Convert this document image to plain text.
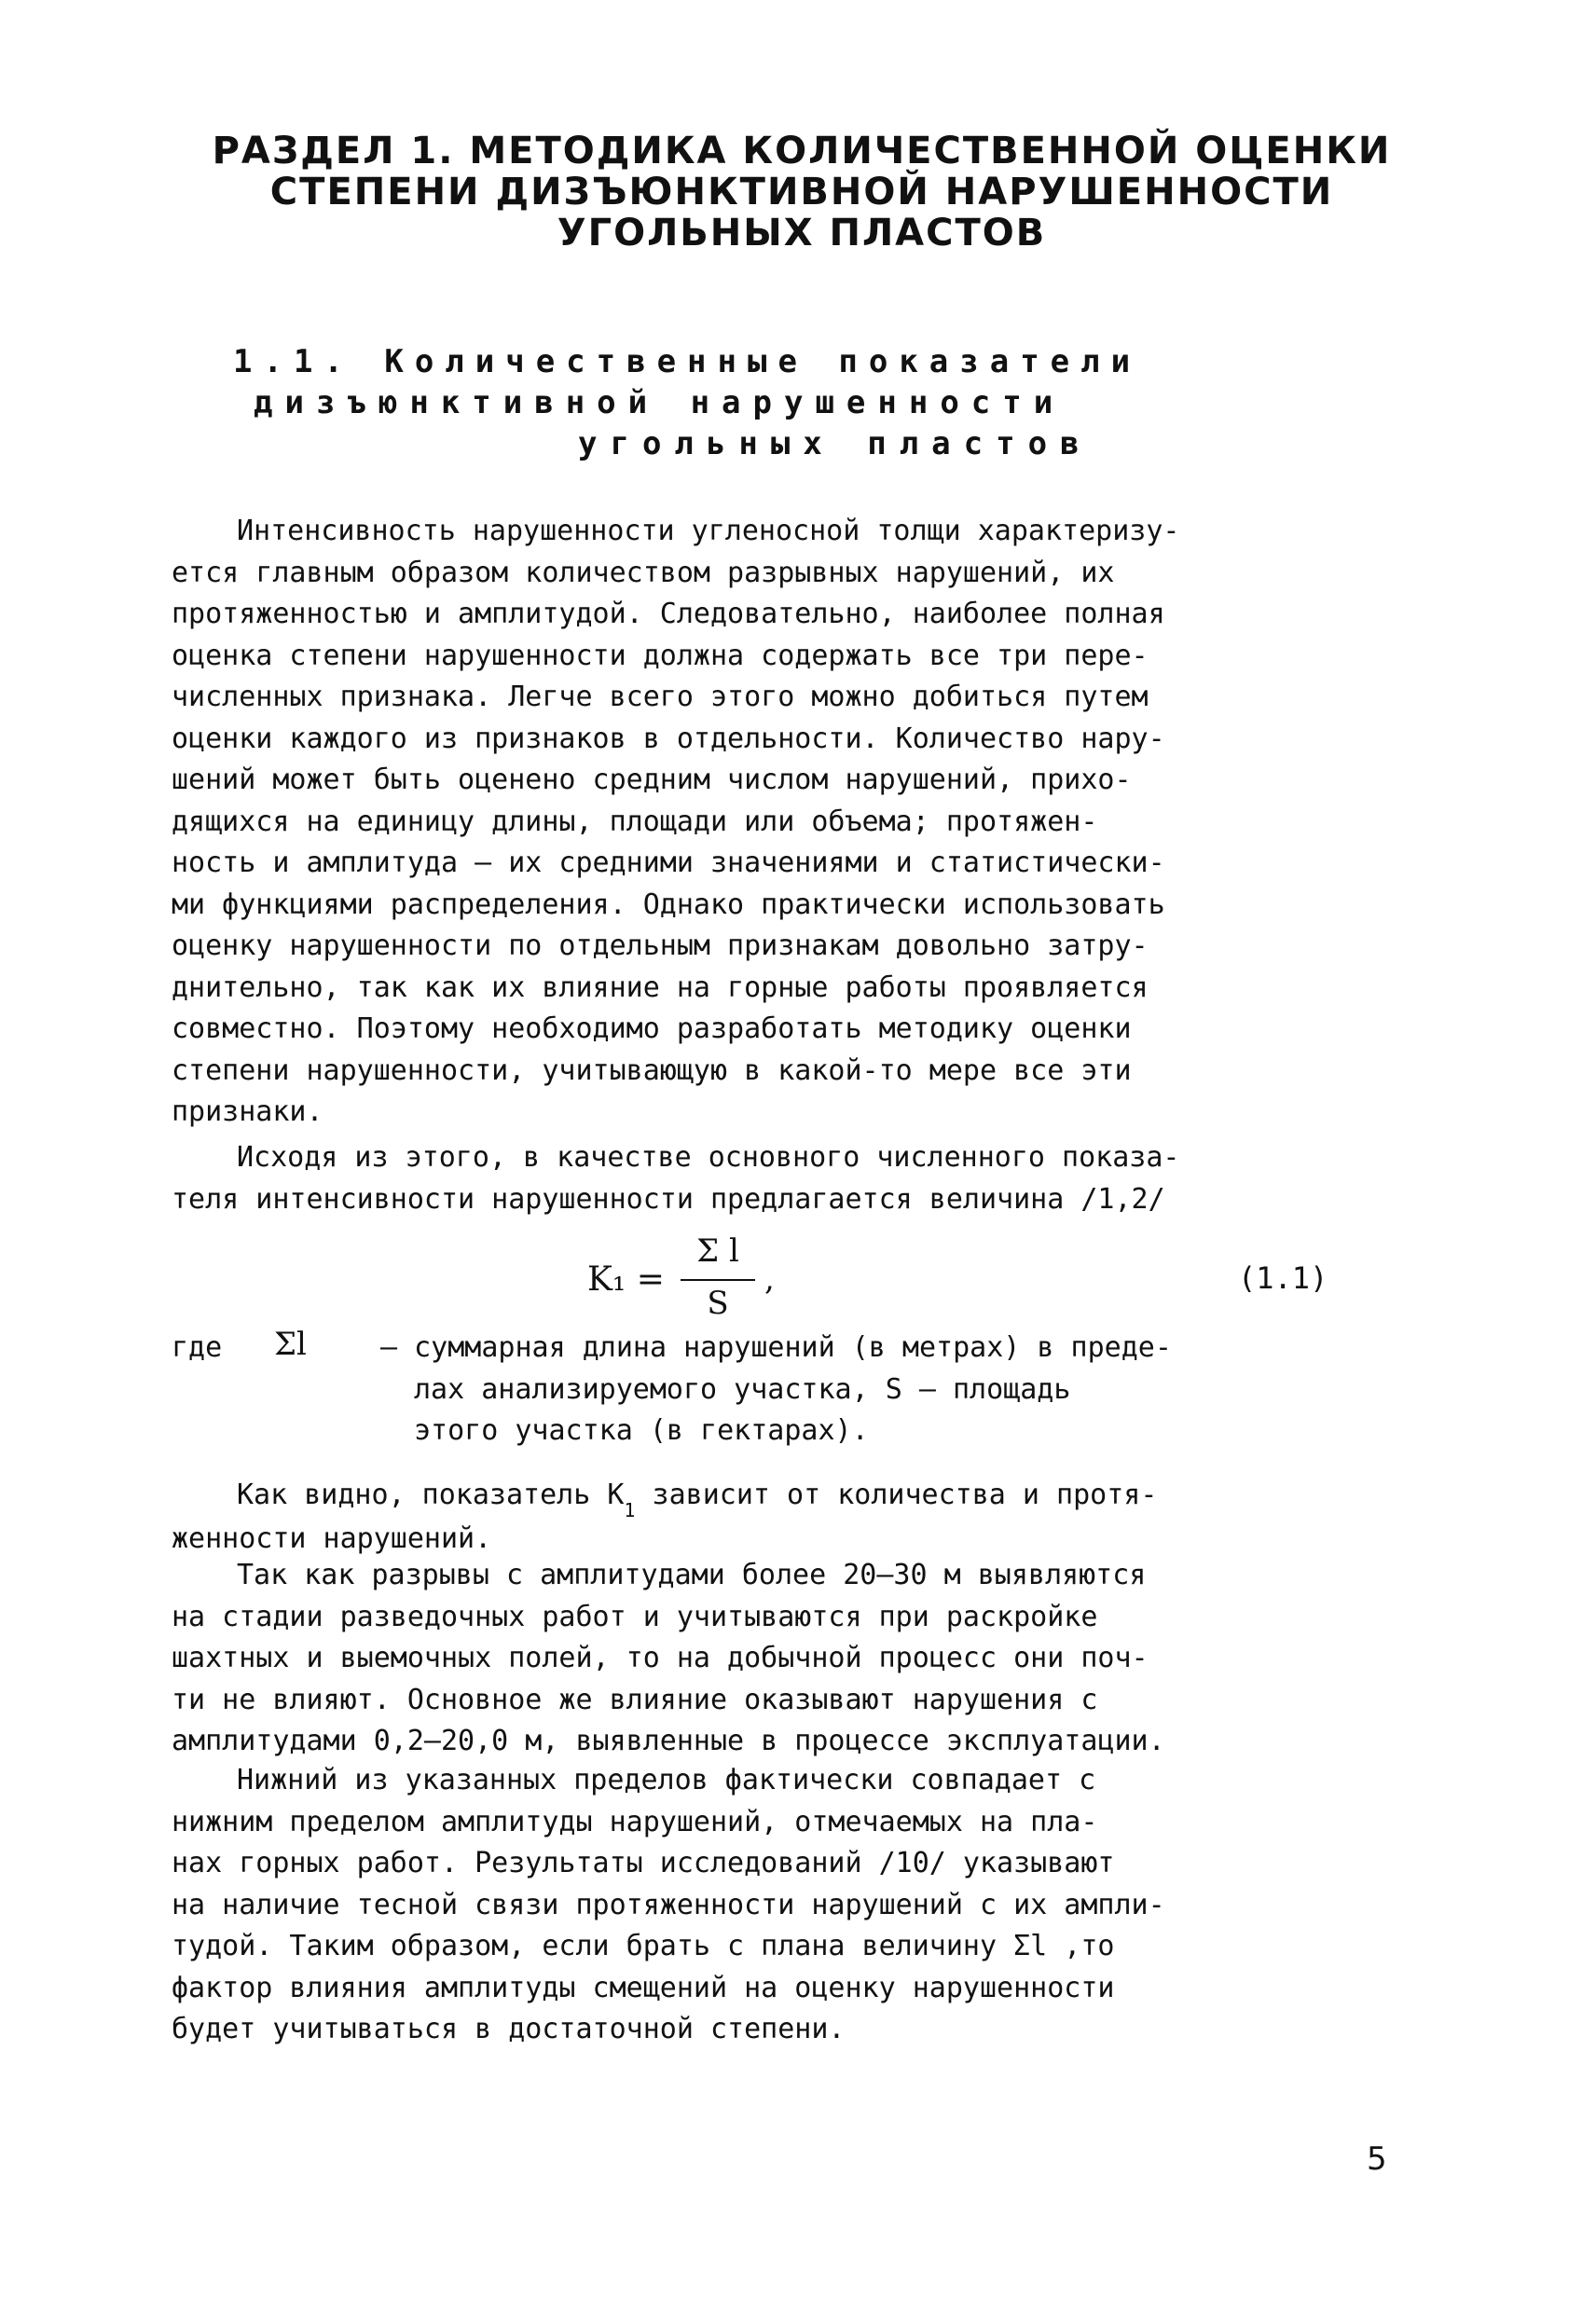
РАЗДЕЛ 1. МЕТОДИКА КОЛИЧЕСТВЕННОЙ ОЦЕНКИ
СТЕПЕНИ ДИЗЪЮНКТИВНОЙ НАРУШЕННОСТИ
УГОЛЬНЫХ ПЛАСТОВ
1.1. Количественные показатели
дизъюнктивной нарушенности
угольных пластов
Интенсивность нарушенности угленосной толщи характеризу-
ется главным образом количеством разрывных нарушений, их
протяженностью и амплитудой. Следовательно, наиболее полная
оценка степени нарушенности должна содержать все три пере-
численных признака. Легче всего этого можно добиться путем
оценки каждого из признаков в отдельности. Количество нару-
шений может быть оценено средним числом нарушений, прихо-
дящихся на единицу длины, площади или объема; протяжен-
ность и амплитуда – их средними значениями и статистически-
ми функциями распределения. Однако практически использовать
оценку нарушенности по отдельным признакам довольно затру-
днительно, так как их влияние на горные работы проявляется
совместно. Поэтому необходимо разработать методику оценки
степени нарушенности, учитывающую в какой-то мере все эти
признаки.
Исходя из этого, в качестве основного численного показа-
теля интенсивности нарушенности предлагается величина /1,2/
K₁ =
Σ l
S
,	(1.1)
где Σl	– суммарная длина нарушений (в метрах) в преде-
лах анализируемого участка, S – площадь
этого участка (в гектарах).
Как видно, показатель $K_1$ зависит от количества и протя-
женности нарушений.
Так как разрывы с амплитудами более 20–30 м выявляются
на стадии разведочных работ и учитываются при раскройке
шахтных и выемочных полей, то на добычной процесс они поч-
ти не влияют. Основное же влияние оказывают нарушения с
амплитудами 0,2–20,0 м, выявленные в процессе эксплуатации.
Нижний из указанных пределов фактически совпадает с
нижним пределом амплитуды нарушений, отмечаемых на пла-
нах горных работ. Результаты исследований /10/ указывают
на наличие тесной связи протяженности нарушений с их ампли-
тудой. Таким образом, если брать с плана величину Σl ,то
фактор влияния амплитуды смещений на оценку нарушенности
будет учитываться в достаточной степени.
5
